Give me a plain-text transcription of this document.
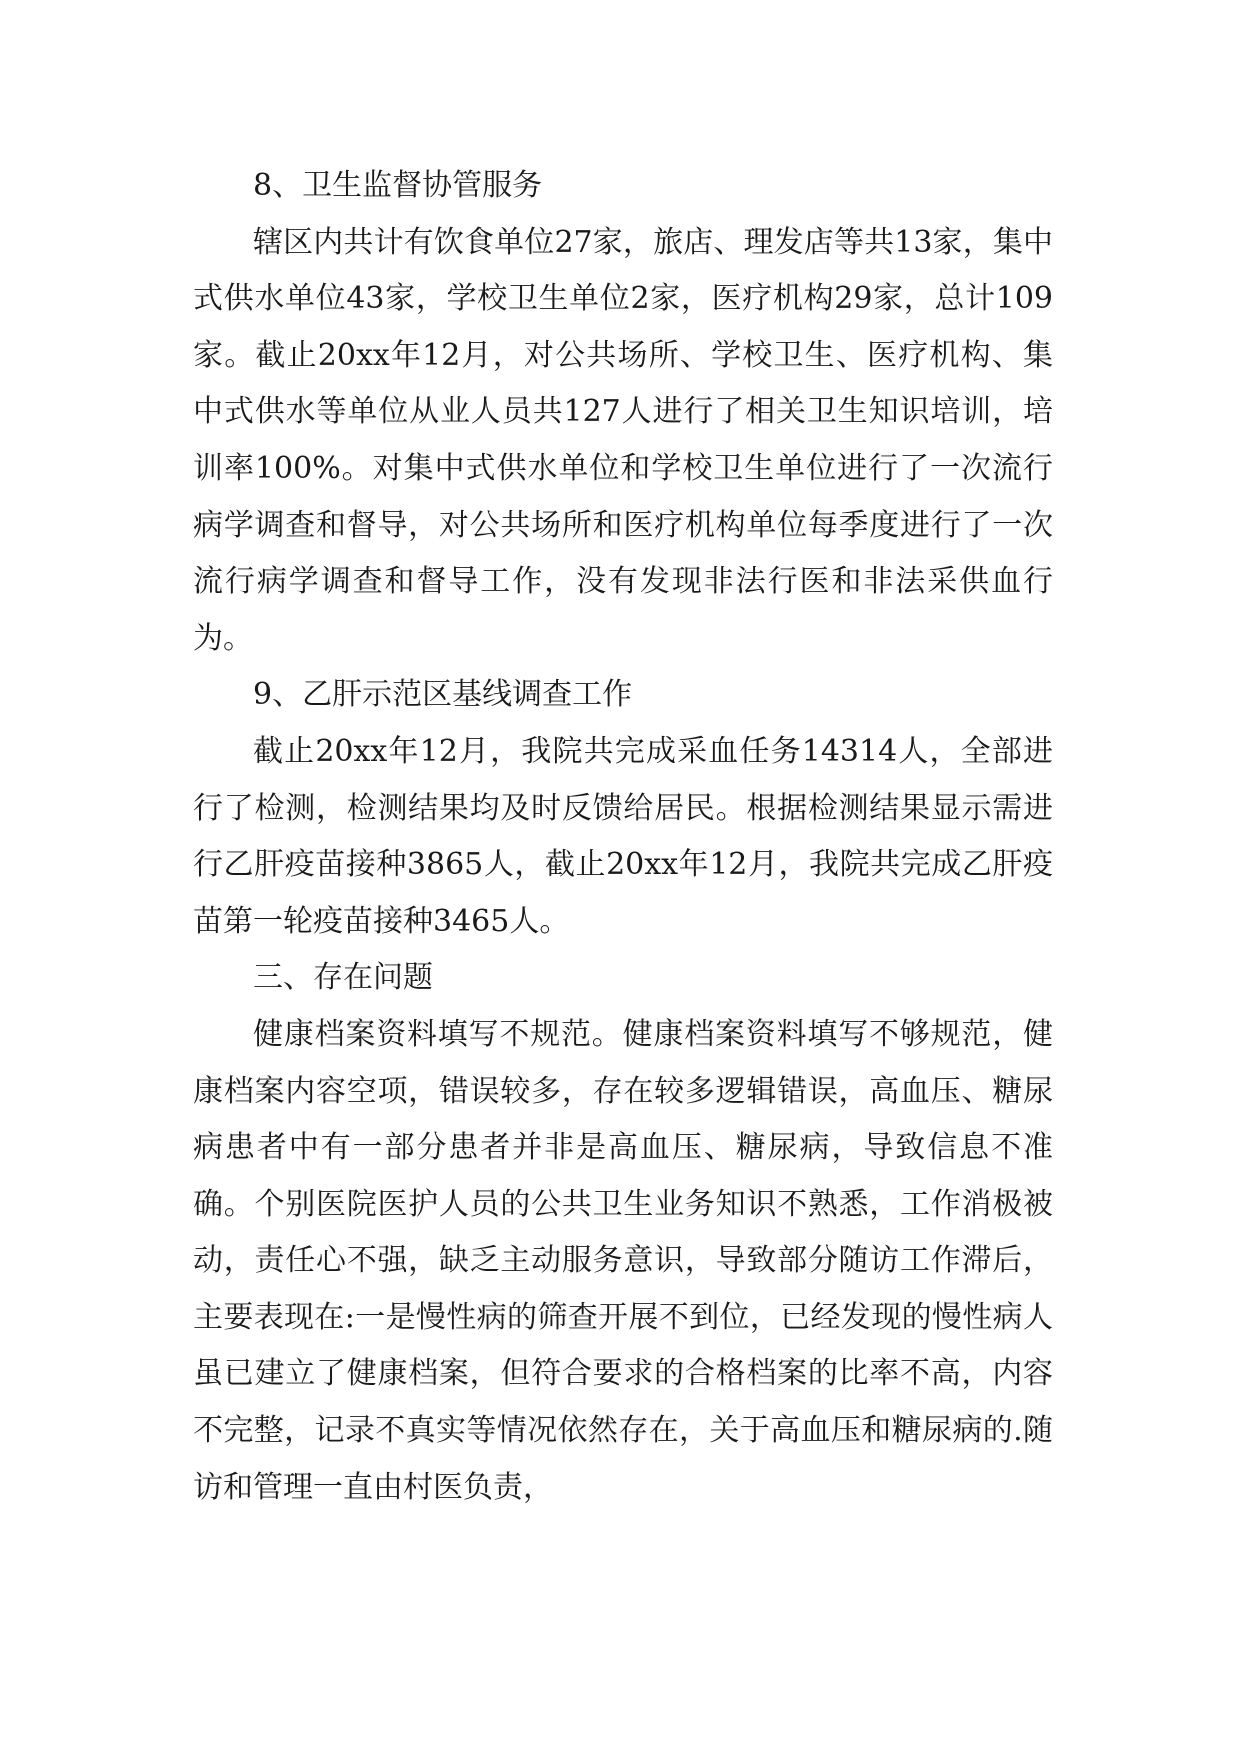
8、卫生监督协管服务

辖区内共计有饮食单位27家，旅店、理发店等共13家，集中式供水单位43家，学校卫生单位2家，医疗机构29家，总计109家。截止20xx年12月，对公共场所、学校卫生、医疗机构、集中式供水等单位从业人员共127人进行了相关卫生知识培训，培训率100%。对集中式供水单位和学校卫生单位进行了一次流行病学调查和督导，对公共场所和医疗机构单位每季度进行了一次流行病学调查和督导工作，没有发现非法行医和非法采供血行为。

9、乙肝示范区基线调查工作

截止20xx年12月，我院共完成采血任务14314人，全部进行了检测，检测结果均及时反馈给居民。根据检测结果显示需进行乙肝疫苗接种3865人，截止20xx年12月，我院共完成乙肝疫苗第一轮疫苗接种3465人。

三、存在问题

健康档案资料填写不规范。健康档案资料填写不够规范，健康档案内容空项，错误较多，存在较多逻辑错误，高血压、糖尿病患者中有一部分患者并非是高血压、糖尿病，导致信息不准确。个别医院医护人员的公共卫生业务知识不熟悉，工作消极被动，责任心不强，缺乏主动服务意识，导致部分随访工作滞后，主要表现在:一是慢性病的筛查开展不到位，已经发现的慢性病人虽已建立了健康档案，但符合要求的合格档案的比率不高，内容不完整，记录不真实等情况依然存在，关于高血压和糖尿病的.随访和管理一直由村医负责，
